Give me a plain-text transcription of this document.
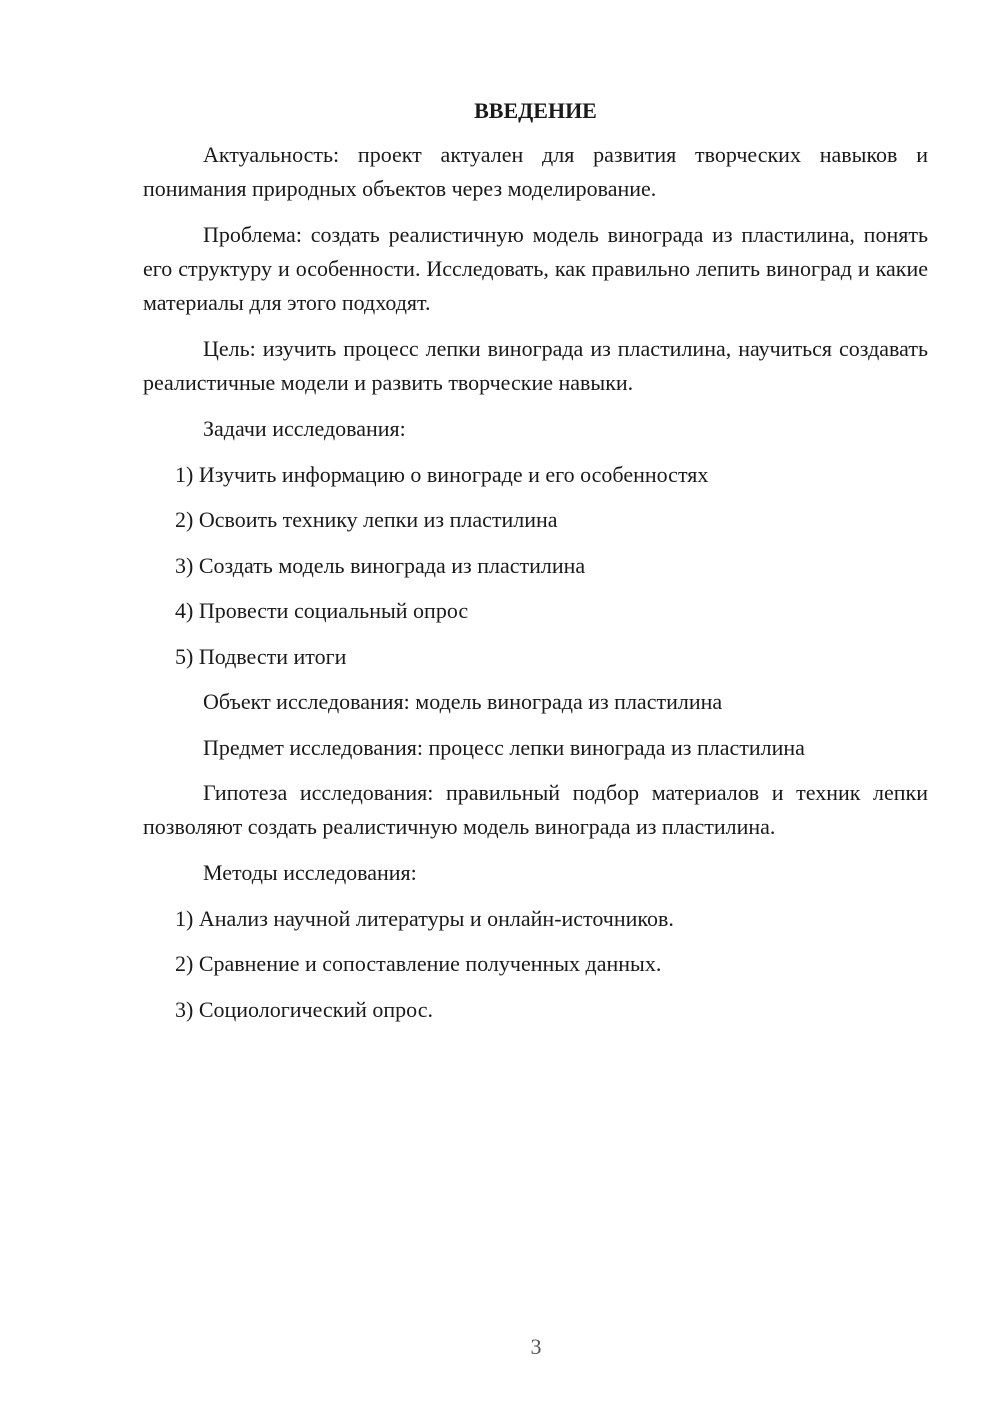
ВВЕДЕНИЕ

Актуальность: проект актуален для развития творческих навыков и понимания природных объектов через моделирование.

Проблема: создать реалистичную модель винограда из пластилина, понять его структуру и особенности. Исследовать, как правильно лепить виноград и какие материалы для этого подходят.

Цель: изучить процесс лепки винограда из пластилина, научиться создавать реалистичные модели и развить творческие навыки.

Задачи исследования:
1) Изучить информацию о винограде и его особенностях
2) Освоить технику лепки из пластилина
3) Создать модель винограда из пластилина
4) Провести социальный опрос
5) Подвести итоги
Объект исследования: модель винограда из пластилина
Предмет исследования: процесс лепки винограда из пластилина

Гипотеза исследования: правильный подбор материалов и техник лепки позволяют создать реалистичную модель винограда из пластилина.

Методы исследования:
1) Анализ научной литературы и онлайн-источников.
2) Сравнение и сопоставление полученных данных.
3) Социологический опрос.
3
